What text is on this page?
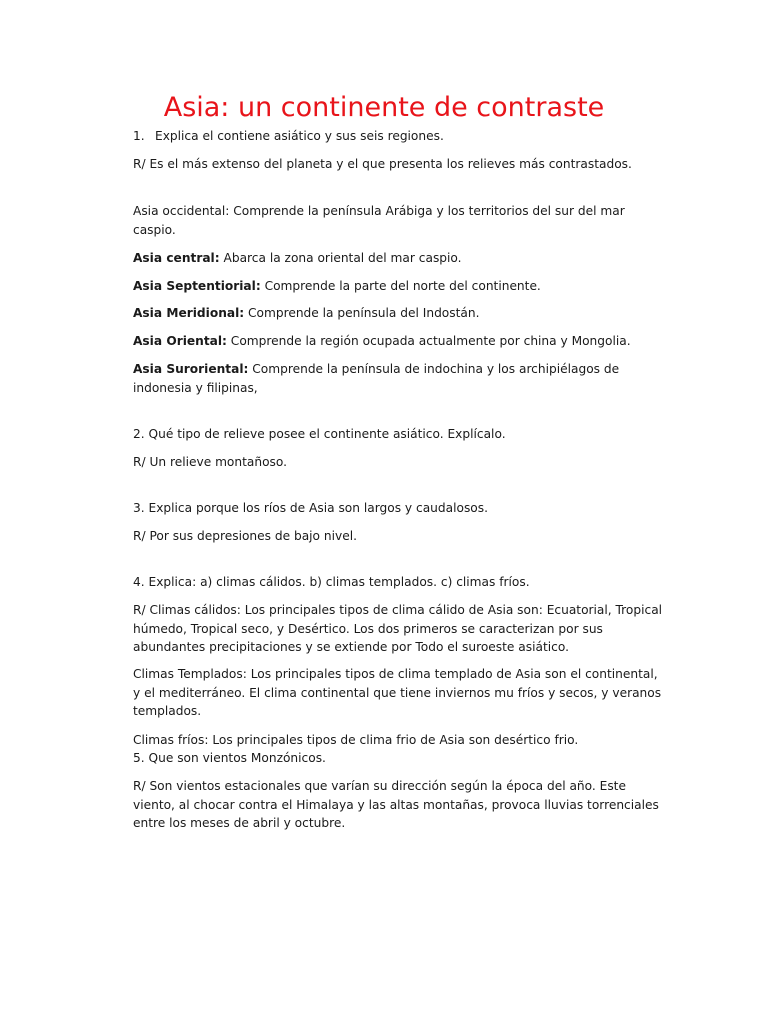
Asia: un continente de contraste
1. Explica el contiene asiático y sus seis regiones.
R/ Es el más extenso del planeta y el que presenta los relieves más contrastados.
Asia occidental: Comprende la península Arábiga y los territorios del sur del mar caspio.
Asia central: Abarca la zona oriental del mar caspio.
Asia Septentiorial: Comprende la parte del norte del continente.
Asia Meridional: Comprende la península del Indostán.
Asia Oriental: Comprende la región ocupada actualmente por china y Mongolia.
Asia Suroriental: Comprende la península de indochina y los archipiélagos de indonesia y filipinas,
2. Qué tipo de relieve posee el continente asiático. Explícalo.
R/ Un relieve montañoso.
3. Explica porque los ríos de Asia son largos y caudalosos.
R/ Por sus depresiones de bajo nivel.
4. Explica: a) climas cálidos. b) climas templados. c) climas fríos.
R/ Climas cálidos: Los principales tipos de clima cálido de Asia son: Ecuatorial, Tropical húmedo, Tropical seco, y Desértico. Los dos primeros se caracterizan por sus abundantes precipitaciones y se extiende por Todo el suroeste asiático.
Climas Templados: Los principales tipos de clima templado de Asia son el continental, y el mediterráneo. El clima continental que tiene inviernos mu fríos y secos, y veranos templados.
Climas fríos: Los principales tipos de clima frio de Asia son desértico frio.
5. Que son vientos Monzónicos.
R/ Son vientos estacionales que varían su dirección según la época del año. Este viento, al chocar contra el Himalaya y las altas montañas, provoca lluvias torrenciales entre los meses de abril y octubre.
